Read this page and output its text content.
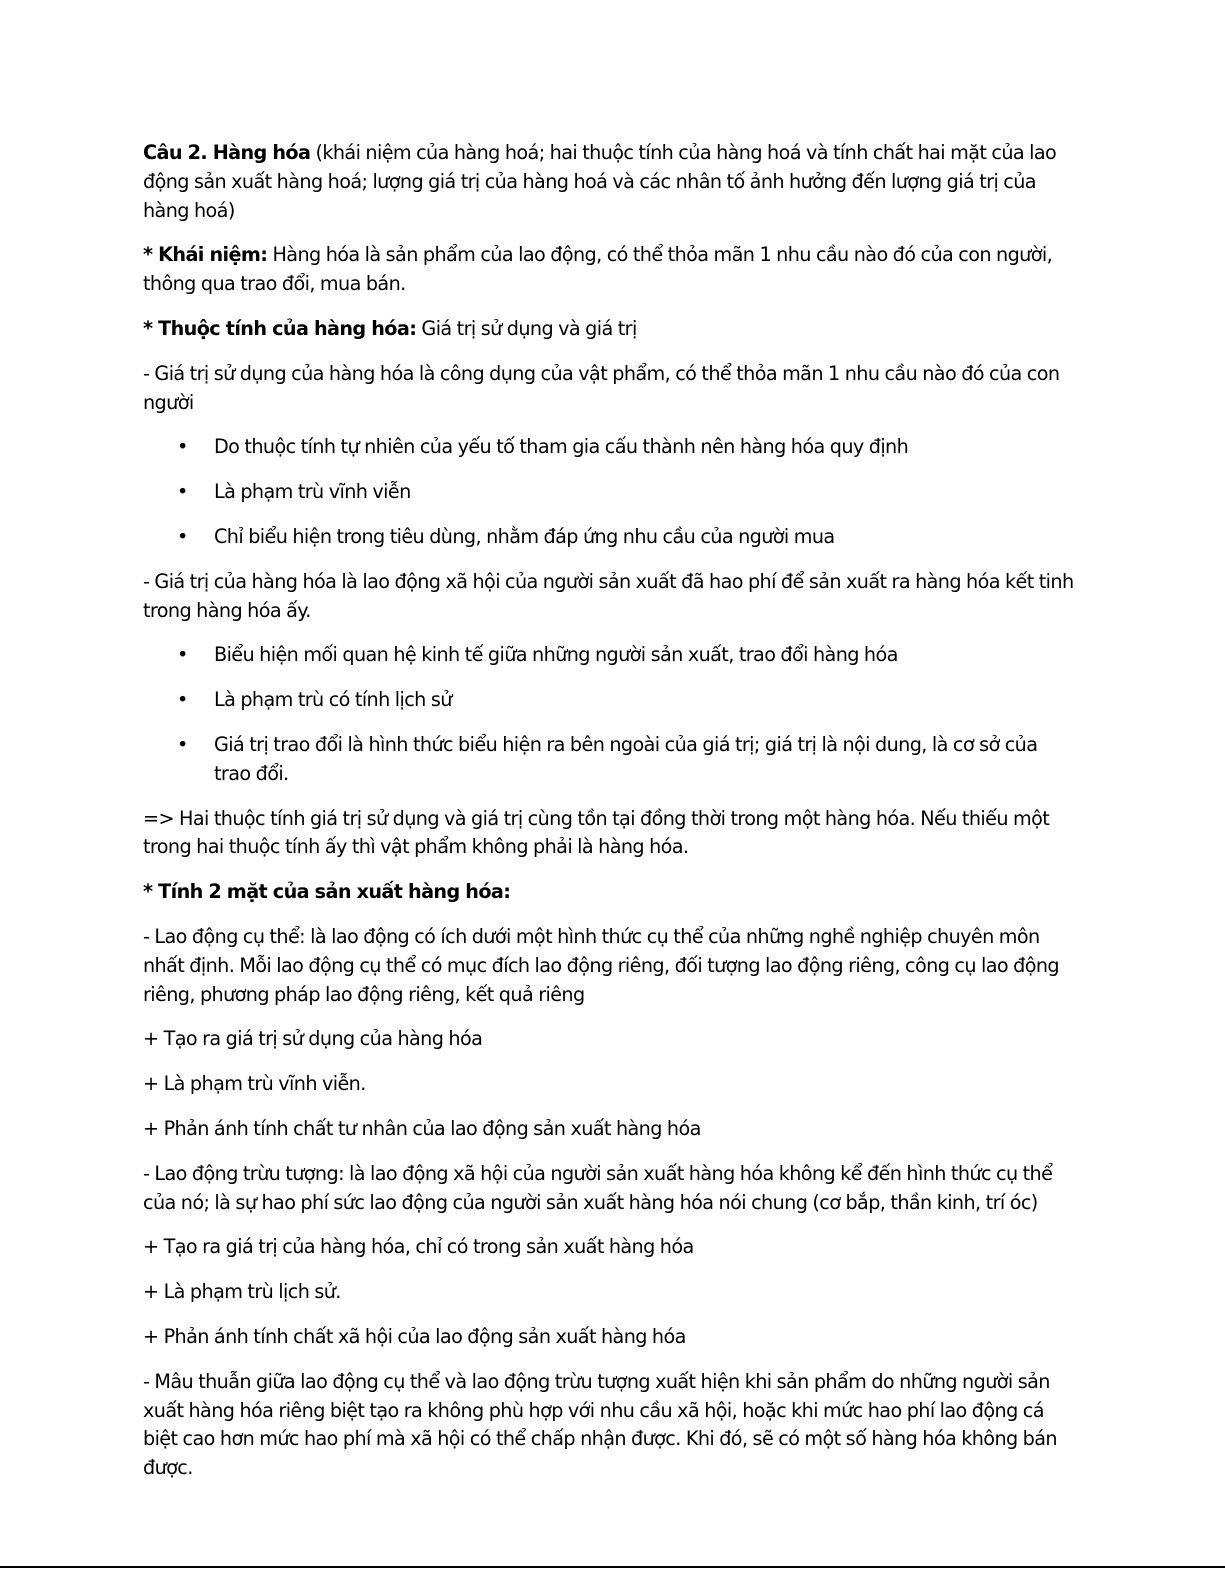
Câu 2. Hàng hóa (khái niệm của hàng hoá; hai thuộc tính của hàng hoá và tính chất hai mặt của lao động sản xuất hàng hoá; lượng giá trị của hàng hoá và các nhân tố ảnh hưởng đến lượng giá trị của hàng hoá)

* Khái niệm: Hàng hóa là sản phẩm của lao động, có thể thỏa mãn 1 nhu cầu nào đó của con người, thông qua trao đổi, mua bán.

* Thuộc tính của hàng hóa: Giá trị sử dụng và giá trị

- Giá trị sử dụng của hàng hóa là công dụng của vật phẩm, có thể thỏa mãn 1 nhu cầu nào đó của con người

• Do thuộc tính tự nhiên của yếu tố tham gia cấu thành nên hàng hóa quy định
• Là phạm trù vĩnh viễn
• Chỉ biểu hiện trong tiêu dùng, nhằm đáp ứng nhu cầu của người mua

- Giá trị của hàng hóa là lao động xã hội của người sản xuất đã hao phí để sản xuất ra hàng hóa kết tinh trong hàng hóa ấy.

• Biểu hiện mối quan hệ kinh tế giữa những người sản xuất, trao đổi hàng hóa
• Là phạm trù có tính lịch sử
• Giá trị trao đổi là hình thức biểu hiện ra bên ngoài của giá trị; giá trị là nội dung, là cơ sở của trao đổi.

=> Hai thuộc tính giá trị sử dụng và giá trị cùng tồn tại đồng thời trong một hàng hóa. Nếu thiếu một trong hai thuộc tính ấy thì vật phẩm không phải là hàng hóa.

* Tính 2 mặt của sản xuất hàng hóa:

- Lao động cụ thể: là lao động có ích dưới một hình thức cụ thể của những nghề nghiệp chuyên môn nhất định. Mỗi lao động cụ thể có mục đích lao động riêng, đối tượng lao động riêng, công cụ lao động riêng, phương pháp lao động riêng, kết quả riêng

+ Tạo ra giá trị sử dụng của hàng hóa

+ Là phạm trù vĩnh viễn.

+ Phản ánh tính chất tư nhân của lao động sản xuất hàng hóa

- Lao động trừu tượng: là lao động xã hội của người sản xuất hàng hóa không kể đến hình thức cụ thể của nó; là sự hao phí sức lao động của người sản xuất hàng hóa nói chung (cơ bắp, thần kinh, trí óc)

+ Tạo ra giá trị của hàng hóa, chỉ có trong sản xuất hàng hóa

+ Là phạm trù lịch sử.

+ Phản ánh tính chất xã hội của lao động sản xuất hàng hóa

- Mâu thuẫn giữa lao động cụ thể và lao động trừu tượng xuất hiện khi sản phẩm do những người sản xuất hàng hóa riêng biệt tạo ra không phù hợp với nhu cầu xã hội, hoặc khi mức hao phí lao động cá biệt cao hơn mức hao phí mà xã hội có thể chấp nhận được. Khi đó, sẽ có một số hàng hóa không bán được.
